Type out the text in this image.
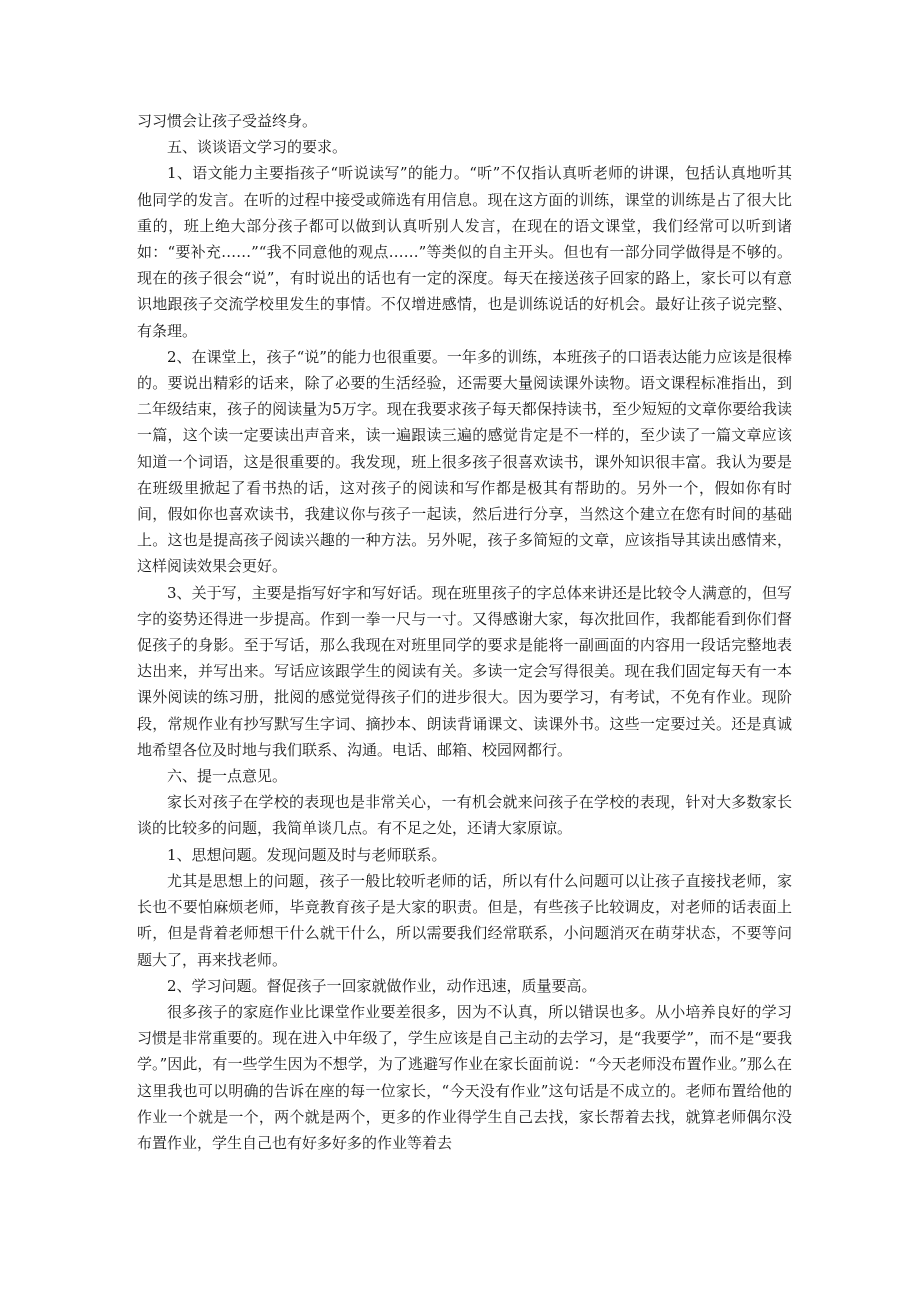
习习惯会让孩子受益终身。

五、谈谈语文学习的要求。

1、语文能力主要指孩子“听说读写”的能力。“听”不仅指认真听老师的讲课，包括认真地听其他同学的发言。在听的过程中接受或筛选有用信息。现在这方面的训练，课堂的训练是占了很大比重的，班上绝大部分孩子都可以做到认真听别人发言，在现在的语文课堂，我们经常可以听到诸如：“要补充……”“我不同意他的观点……”等类似的自主开头。但也有一部分同学做得是不够的。现在的孩子很会“说”，有时说出的话也有一定的深度。每天在接送孩子回家的路上，家长可以有意识地跟孩子交流学校里发生的事情。不仅增进感情，也是训练说话的好机会。最好让孩子说完整、有条理。

2、在课堂上，孩子“说”的能力也很重要。一年多的训练，本班孩子的口语表达能力应该是很棒的。要说出精彩的话来，除了必要的生活经验，还需要大量阅读课外读物。语文课程标准指出，到二年级结束，孩子的阅读量为5万字。现在我要求孩子每天都保持读书，至少短短的文章你要给我读一篇，这个读一定要读出声音来，读一遍跟读三遍的感觉肯定是不一样的，至少读了一篇文章应该知道一个词语，这是很重要的。我发现，班上很多孩子很喜欢读书，课外知识很丰富。我认为要是在班级里掀起了看书热的话，这对孩子的阅读和写作都是极其有帮助的。另外一个，假如你有时间，假如你也喜欢读书，我建议你与孩子一起读，然后进行分享，当然这个建立在您有时间的基础上。这也是提高孩子阅读兴趣的一种方法。另外呢，孩子多简短的文章，应该指导其读出感情来，这样阅读效果会更好。

3、关于写，主要是指写好字和写好话。现在班里孩子的字总体来讲还是比较令人满意的，但写字的姿势还得进一步提高。作到一拳一尺与一寸。又得感谢大家，每次批回作，我都能看到你们督促孩子的身影。至于写话，那么我现在对班里同学的要求是能将一副画面的内容用一段话完整地表达出来，并写出来。写话应该跟学生的阅读有关。多读一定会写得很美。现在我们固定每天有一本课外阅读的练习册，批阅的感觉觉得孩子们的进步很大。因为要学习，有考试，不免有作业。现阶段，常规作业有抄写默写生字词、摘抄本、朗读背诵课文、读课外书。这些一定要过关。还是真诚地希望各位及时地与我们联系、沟通。电话、邮箱、校园网都行。

六、提一点意见。

家长对孩子在学校的表现也是非常关心，一有机会就来问孩子在学校的表现，针对大多数家长谈的比较多的问题，我简单谈几点。有不足之处，还请大家原谅。

1、思想问题。发现问题及时与老师联系。

尤其是思想上的问题，孩子一般比较听老师的话，所以有什么问题可以让孩子直接找老师，家长也不要怕麻烦老师，毕竟教育孩子是大家的职责。但是，有些孩子比较调皮，对老师的话表面上听，但是背着老师想干什么就干什么，所以需要我们经常联系，小问题消灭在萌芽状态，不要等问题大了，再来找老师。

2、学习问题。督促孩子一回家就做作业，动作迅速，质量要高。

很多孩子的家庭作业比课堂作业要差很多，因为不认真，所以错误也多。从小培养良好的学习习惯是非常重要的。现在进入中年级了，学生应该是自己主动的去学习，是“我要学”，而不是“要我学。”因此，有一些学生因为不想学，为了逃避写作业在家长面前说：“今天老师没布置作业。”那么在这里我也可以明确的告诉在座的每一位家长，“今天没有作业”这句话是不成立的。老师布置给他的作业一个就是一个，两个就是两个，更多的作业得学生自己去找，家长帮着去找，就算老师偶尔没布置作业，学生自己也有好多好多的作业等着去
